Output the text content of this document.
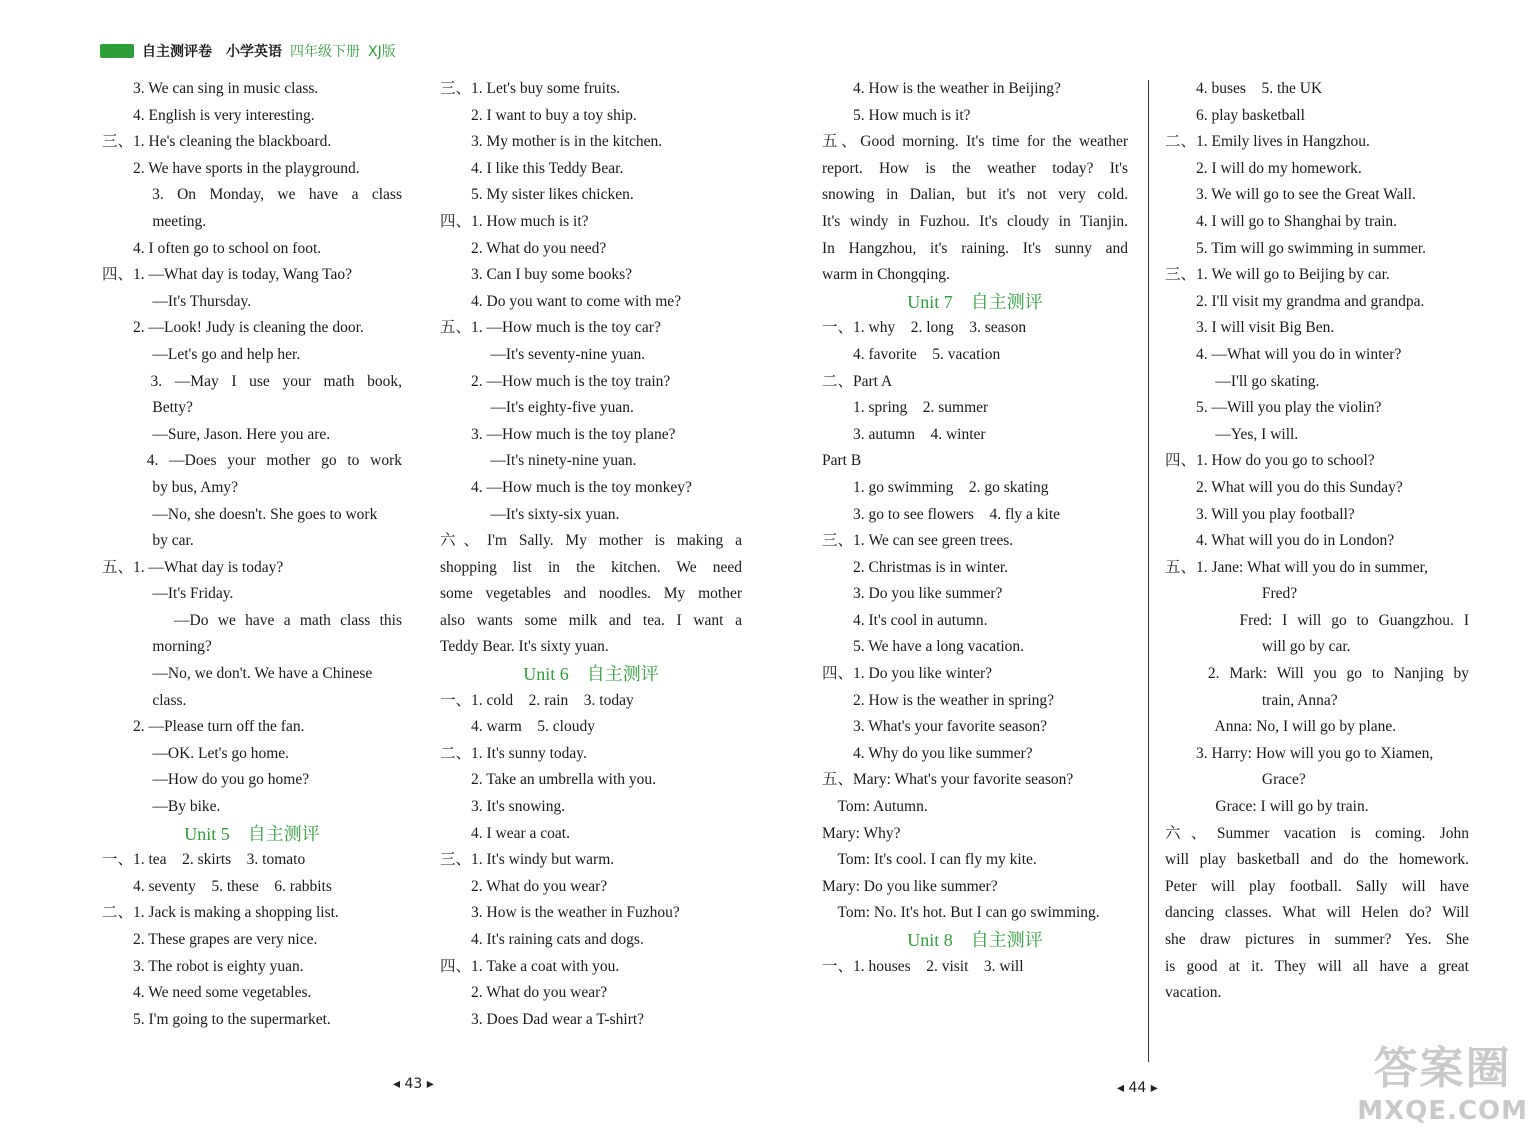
自主测评卷 小学英语 四年级下册 XJ版
　　3. We can sing in music class.
　　4. English is very interesting.
三、1. He's cleaning the blackboard.
　　2. We have sports in the playground.
　　3. On Monday, we have a class
　　　 meeting.
　　4. I often go to school on foot.
四、1. —What day is today, Wang Tao?
　　　 —It's Thursday.
　　2. —Look! Judy is cleaning the door.
　　　 —Let's go and help her.
　　3. —May I use your math book,
　　　 Betty?
　　　 —Sure, Jason. Here you are.
　　4. —Does your mother go to work
　　　 by bus, Amy?
　　　 —No, she doesn't. She goes to work
　　　 by car.
五、1. —What day is today?
　　　 —It's Friday.
　　　 —Do we have a math class this
　　　 morning?
　　　 —No, we don't. We have a Chinese
　　　 class.
　　2. —Please turn off the fan.
　　　 —OK. Let's go home.
　　　 —How do you go home?
　　　 —By bike.
Unit 5　自主测评
一、1. tea　2. skirts　3. tomato
　　4. seventy　5. these　6. rabbits
二、1. Jack is making a shopping list.
　　2. These grapes are very nice.
　　3. The robot is eighty yuan.
　　4. We need some vegetables.
　　5. I'm going to the supermarket.
三、1. Let's buy some fruits.
　　2. I want to buy a toy ship.
　　3. My mother is in the kitchen.
　　4. I like this Teddy Bear.
　　5. My sister likes chicken.
四、1. How much is it?
　　2. What do you need?
　　3. Can I buy some books?
　　4. Do you want to come with me?
五、1. —How much is the toy car?
　　　 —It's seventy-nine yuan.
　　2. —How much is the toy train?
　　　 —It's eighty-five yuan.
　　3. —How much is the toy plane?
　　　 —It's ninety-nine yuan.
　　4. —How much is the toy monkey?
　　　 —It's sixty-six yuan.
六、I'm Sally. My mother is making a
shopping list in the kitchen. We need
some vegetables and noodles. My mother
also wants some milk and tea. I want a
Teddy Bear. It's sixty yuan.
Unit 6　自主测评
一、1. cold　2. rain　3. today
　　4. warm　5. cloudy
二、1. It's sunny today.
　　2. Take an umbrella with you.
　　3. It's snowing.
　　4. I wear a coat.
三、1. It's windy but warm.
　　2. What do you wear?
　　3. How is the weather in Fuzhou?
　　4. It's raining cats and dogs.
四、1. Take a coat with you.
　　2. What do you wear?
　　3. Does Dad wear a T-shirt?
　　4. How is the weather in Beijing?
　　5. How much is it?
五、Good morning. It's time for the weather
report. How is the weather today? It's
snowing in Dalian, but it's not very cold.
It's windy in Fuzhou. It's cloudy in Tianjin.
In Hangzhou, it's raining. It's sunny and
warm in Chongqing.
Unit 7　自主测评
一、1. why　2. long　3. season
　　4. favorite　5. vacation
二、Part A
　　1. spring　2. summer
　　3. autumn　4. winter
Part B
　　1. go swimming　2. go skating
　　3. go to see flowers　4. fly a kite
三、1. We can see green trees.
　　2. Christmas is in winter.
　　3. Do you like summer?
　　4. It's cool in autumn.
　　5. We have a long vacation.
四、1. Do you like winter?
　　2. How is the weather in spring?
　　3. What's your favorite season?
　　4. Why do you like summer?
五、Mary: What's your favorite season?
　Tom: Autumn.
Mary: Why?
　Tom: It's cool. I can fly my kite.
Mary: Do you like summer?
　Tom: No. It's hot. But I can go swimming.
Unit 8　自主测评
一、1. houses　2. visit　3. will
　　4. buses　5. the UK
　　6. play basketball
二、1. Emily lives in Hangzhou.
　　2. I will do my homework.
　　3. We will go to see the Great Wall.
　　4. I will go to Shanghai by train.
　　5. Tim will go swimming in summer.
三、1. We will go to Beijing by car.
　　2. I'll visit my grandma and grandpa.
　　3. I will visit Big Ben.
　　4. —What will you do in winter?
　　　 —I'll go skating.
　　5. —Will you play the violin?
　　　 —Yes, I will.
四、1. How do you go to school?
　　2. What will you do this Sunday?
　　3. Will you play football?
　　4. What will you do in London?
五、1. Jane: What will you do in summer,
　　　　　　 Fred?
　　　 Fred: I will go to Guangzhou. I
　　　　　　 will go by car.
　　2. Mark: Will you go to Nanjing by
　　　　　　 train, Anna?
　　　 Anna: No, I will go by plane.
　　3. Harry: How will you go to Xiamen,
　　　　　　 Grace?
　　　 Grace: I will go by train.
六、Summer vacation is coming. John
will play basketball and do the homework.
Peter will play football. Sally will have
dancing classes. What will Helen do? Will
she draw pictures in summer? Yes. She
is good at it. They will all have a great
vacation.
◂ 43 ▸	◂ 44 ▸	答案圈
MXQE.COM
